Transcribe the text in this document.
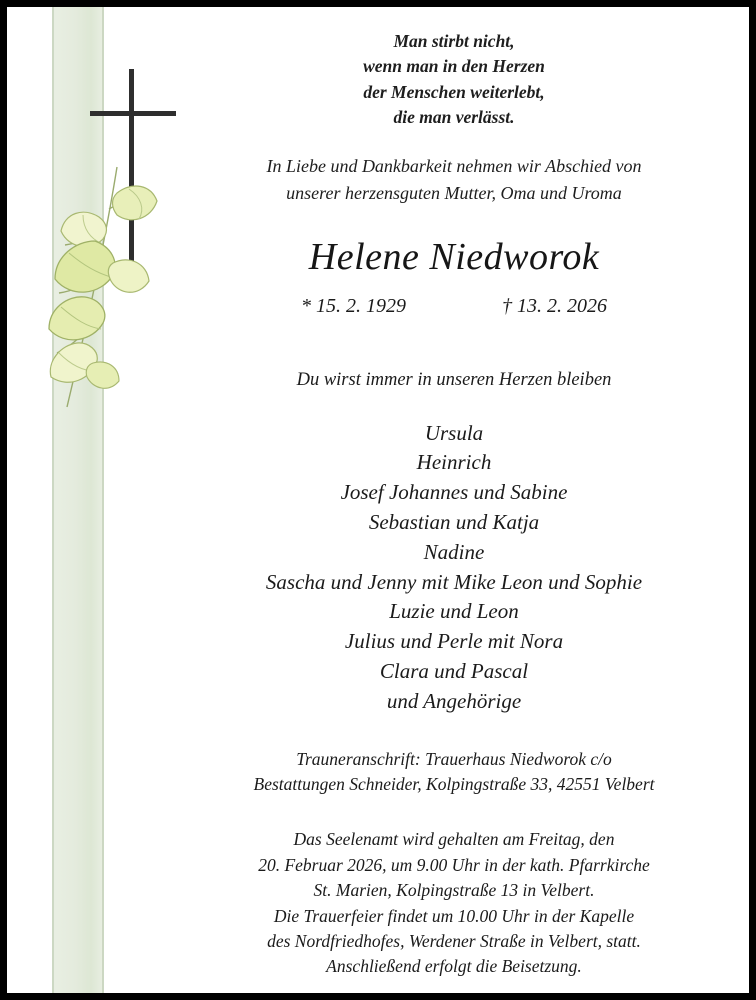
Man stirbt nicht,
wenn man in den Herzen
der Menschen weiterlebt,
die man verlässt.
In Liebe und Dankbarkeit nehmen wir Abschied von
unserer herzensguten Mutter, Oma und Uroma
Helene Niedworok
* 15. 2. 1929	† 13. 2. 2026
Du wirst immer in unseren Herzen bleiben
Ursula
Heinrich
Josef Johannes und Sabine
Sebastian und Katja
Nadine
Sascha und Jenny mit Mike Leon und Sophie
Luzie und Leon
Julius und Perle mit Nora
Clara und Pascal
und Angehörige
Trauneranschrift: Trauerhaus Niedworok c/o
Bestattungen Schneider, Kolpingstraße 33, 42551 Velbert
Das Seelenamt wird gehalten am Freitag, den
20. Februar 2026, um 9.00 Uhr in der kath. Pfarrkirche
St. Marien, Kolpingstraße 13 in Velbert.
Die Trauerfeier findet um 10.00 Uhr in der Kapelle
des Nordfriedhofes, Werdener Straße in Velbert, statt.
Anschließend erfolgt die Beisetzung.
